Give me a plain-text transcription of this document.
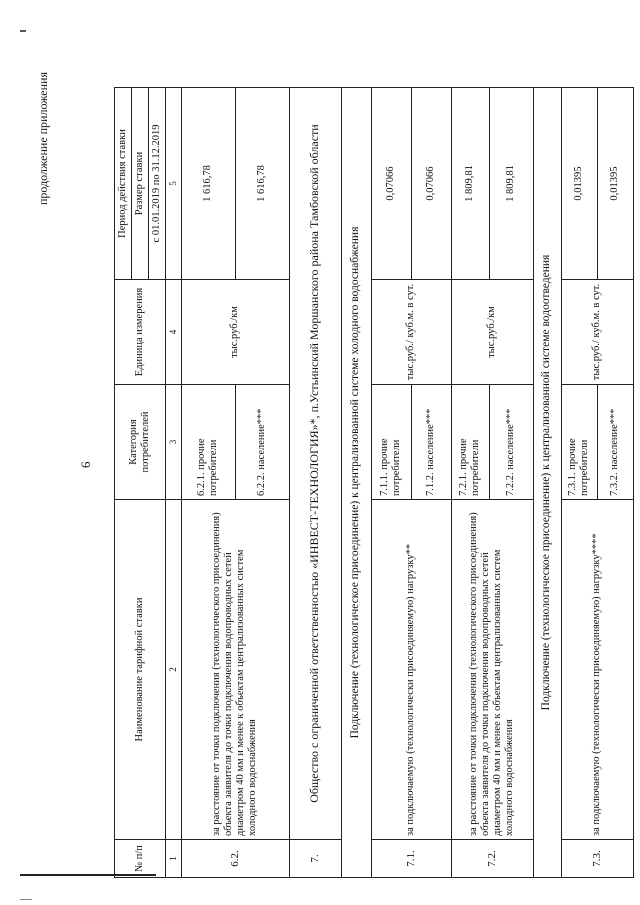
продолжение приложения
6
№ п/п	Наименование тарифной ставки	Категория потребителей	Единица измерения	Период действия ставки
				Размер ставки
				с 01.01.2019 по 31.12.2019
1	2	3	4	5
6.2.	за расстояние от точки подключения (технологического присоединения) объекта заявителя до точки подключения водопроводных сетей диаметром 40 мм и менее к объектам централизованных систем холодного водоснабжения	6.2.1. прочие потребители	тыс.руб./км	1 616,78
		6.2.2. население***		1 616,78
7.	Общество с ограниченной ответственностью «ИНВЕСТ-ТЕХНОЛОГИЯ»*, п.Устьинский Моршанского района Тамбовской области			
Подключение (технологическое присоединение) к централизованной системе холодного водоснабжения				
7.1.	за подключаемую (технологически присоединяемую) нагрузку**	7.1.1. прочие потребители	тыс.руб./ куб.м. в сут.	0,07066
		7.1.2. население***		0,07066
7.2.	за расстояние от точки подключения (технологического присоединения) объекта заявителя до точки подключения водопроводных сетей диаметром 40 мм и менее к объектам централизованных систем холодного водоснабжения	7.2.1. прочие потребители	тыс.руб./км	1 809,81
		7.2.2. население***		1 809,81
Подключение (технологическое присоединение) к централизованной системе водоотведения				
7.3.	за подключаемую (технологически присоединяемую) нагрузку****	7.3.1. прочие потребители	тыс.руб./ куб.м. в сут.	0,01395
		7.3.2. население***		0,01395
